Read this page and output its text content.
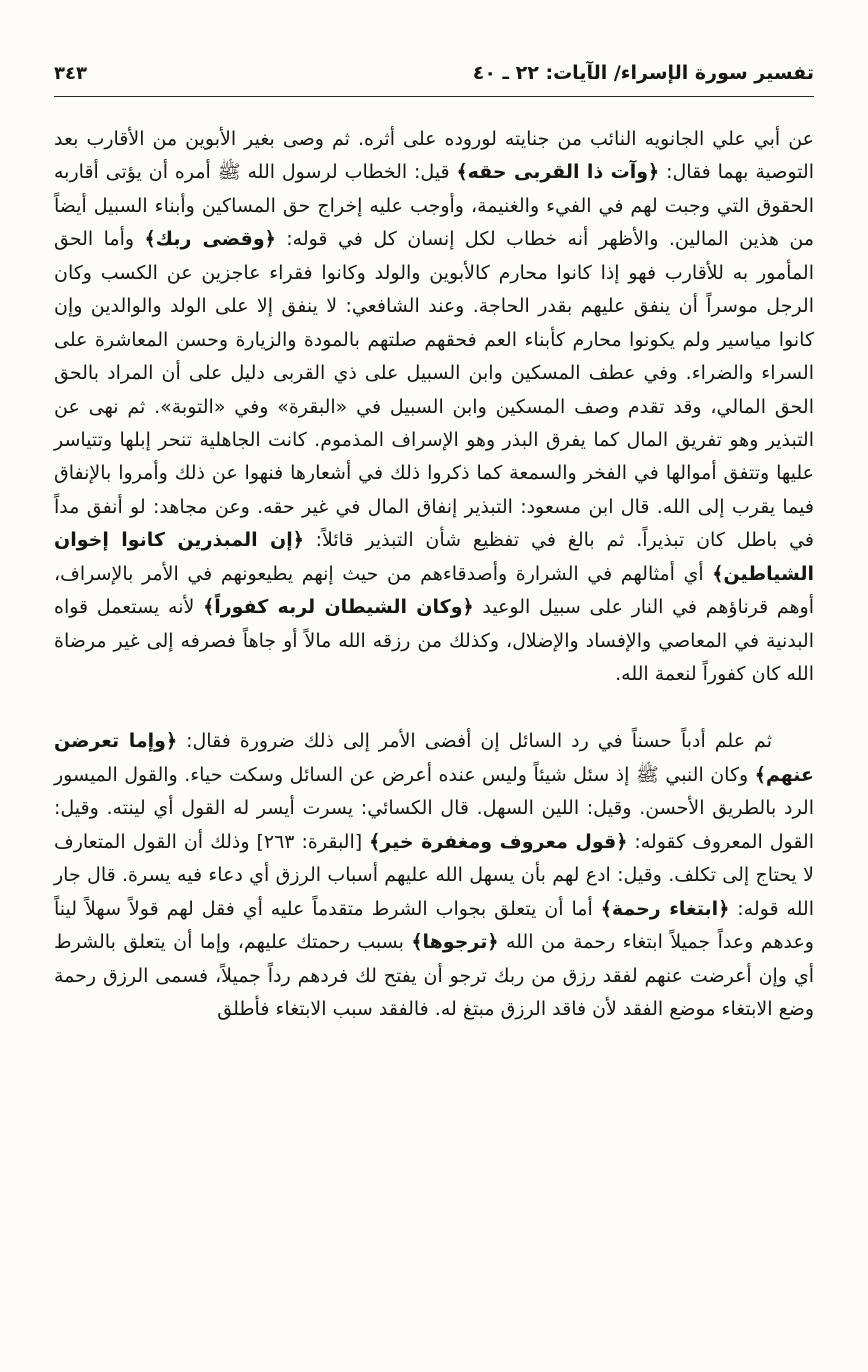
تفسير سورة الإسراء/ الآيات: ٢٢ ـ ٤٠
٣٤٣

عن أبي علي الجانويه النائب من جنايته لوروده على أثره. ثم وصى بغير الأبوين من الأقارب بعد التوصية بهما فقال: ﴿وآت ذا القربى حقه﴾ قيل: الخطاب لرسول الله ﷺ أمره أن يؤتى أقاربه الحقوق التي وجبت لهم في الفيء والغنيمة، وأوجب عليه إخراج حق المساكين وأبناء السبيل أيضاً من هذين المالين. والأظهر أنه خطاب لكل إنسان كل في قوله: ﴿وقضى ربك﴾ وأما الحق المأمور به للأقارب فهو إذا كانوا محارم كالأبوين والولد وكانوا فقراء عاجزين عن الكسب وكان الرجل موسراً أن ينفق عليهم بقدر الحاجة. وعند الشافعي: لا ينفق إلا على الولد والوالدين وإن كانوا مياسير ولم يكونوا محارم كأبناء العم فحقهم صلتهم بالمودة والزيارة وحسن المعاشرة على السراء والضراء. وفي عطف المسكين وابن السبيل على ذي القربى دليل على أن المراد بالحق الحق المالي، وقد تقدم وصف المسكين وابن السبيل في «البقرة» وفي «التوبة». ثم نهى عن التبذير وهو تفريق المال كما يفرق البذر وهو الإسراف المذموم. كانت الجاهلية تنحر إبلها وتتياسر عليها وتتفق أموالها في الفخر والسمعة كما ذكروا ذلك في أشعارها فنهوا عن ذلك وأمروا بالإنفاق فيما يقرب إلى الله. قال ابن مسعود: التبذير إنفاق المال في غير حقه. وعن مجاهد: لو أنفق مداً في باطل كان تبذيراً. ثم بالغ في تفظيع شأن التبذير قائلاً: ﴿إن المبذرين كانوا إخوان الشياطين﴾ أي أمثالهم في الشرارة وأصدقاءهم من حيث إنهم يطيعونهم في الأمر بالإسراف، أوهم قرناؤهم في النار على سبيل الوعيد ﴿وكان الشيطان لربه كفوراً﴾ لأنه يستعمل قواه البدنية في المعاصي والإفساد والإضلال، وكذلك من رزقه الله مالاً أو جاهاً فصرفه إلى غير مرضاة الله كان كفوراً لنعمة الله.

ثم علم أدباً حسناً في رد السائل إن أفضى الأمر إلى ذلك ضرورة فقال: ﴿وإما تعرضن عنهم﴾ وكان النبي ﷺ إذ سئل شيئاً وليس عنده أعرض عن السائل وسكت حياء. والقول الميسور الرد بالطريق الأحسن. وقيل: اللين السهل. قال الكسائي: يسرت أيسر له القول أي لينته. وقيل: القول المعروف كقوله: ﴿قول معروف ومغفرة خير﴾ [البقرة: ٢٦٣] وذلك أن القول المتعارف لا يحتاج إلى تكلف. وقيل: ادع لهم بأن يسهل الله عليهم أسباب الرزق أي دعاء فيه يسرة. قال جار الله قوله: ﴿ابتغاء رحمة﴾ أما أن يتعلق بجواب الشرط متقدماً عليه أي فقل لهم قولاً سهلاً ليناً وعدهم وعداً جميلاً ابتغاء رحمة من الله ﴿ترجوها﴾ بسبب رحمتك عليهم، وإما أن يتعلق بالشرط أي وإن أعرضت عنهم لفقد رزق من ربك ترجو أن يفتح لك فردهم رداً جميلاً، فسمى الرزق رحمة وضع الابتغاء موضع الفقد لأن فاقد الرزق مبتغ له. فالفقد سبب الابتغاء فأطلق
